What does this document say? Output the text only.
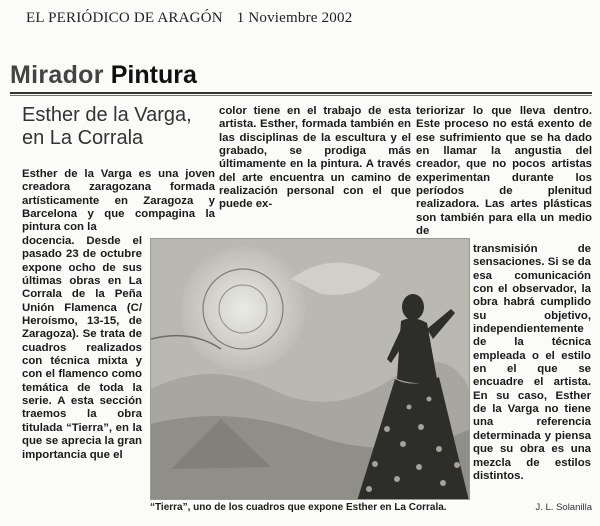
EL PERIÓDICO DE ARAGÓN 1 Noviembre 2002
Mirador Pintura
Esther de la Varga, en La Corrala

Esther de la Varga es una joven creadora zaragozana formada artísticamente en Zaragoza y Barcelona y que compagina la pintura con la

docencia. Desde el pasado 23 de octubre expone ocho de sus últimas obras en La Corrala de la Peña Unión Flamenca (C/ Heroísmo, 13-15, de Zaragoza). Se trata de cuadros realizados con técnica mixta y con el flamenco como temática de toda la serie. A esta sección traemos la obra titulada “Tierra”, en la que se aprecia la gran importancia que el

color tiene en el trabajo de esta artista. Esther, formada también en las disciplinas de la escultura y el grabado, se prodiga más últimamente en la pintura. A través del arte encuentra un camino de realización personal con el que puede ex-

teriorizar lo que lleva dentro. Este proceso no está exento de ese sufrimiento que se ha dado en llamar la angustia del creador, que no pocos artistas experimentan durante los períodos de plenitud realizadora. Las artes plásticas son también para ella un medio de

transmisión de sensaciones. Si se da esa comunicación con el observador, la obra habrá cumplido su objetivo, independientemente de la técnica empleada o el estilo en el que se encuadre el artista. En su caso, Esther de la Varga no tiene una referencia determinada y piensa que su obra es una mezcla de estilos distintos.

“Tierra”, uno de los cuadros que expone Esther en La Corrala.	J. L. Solanilla
